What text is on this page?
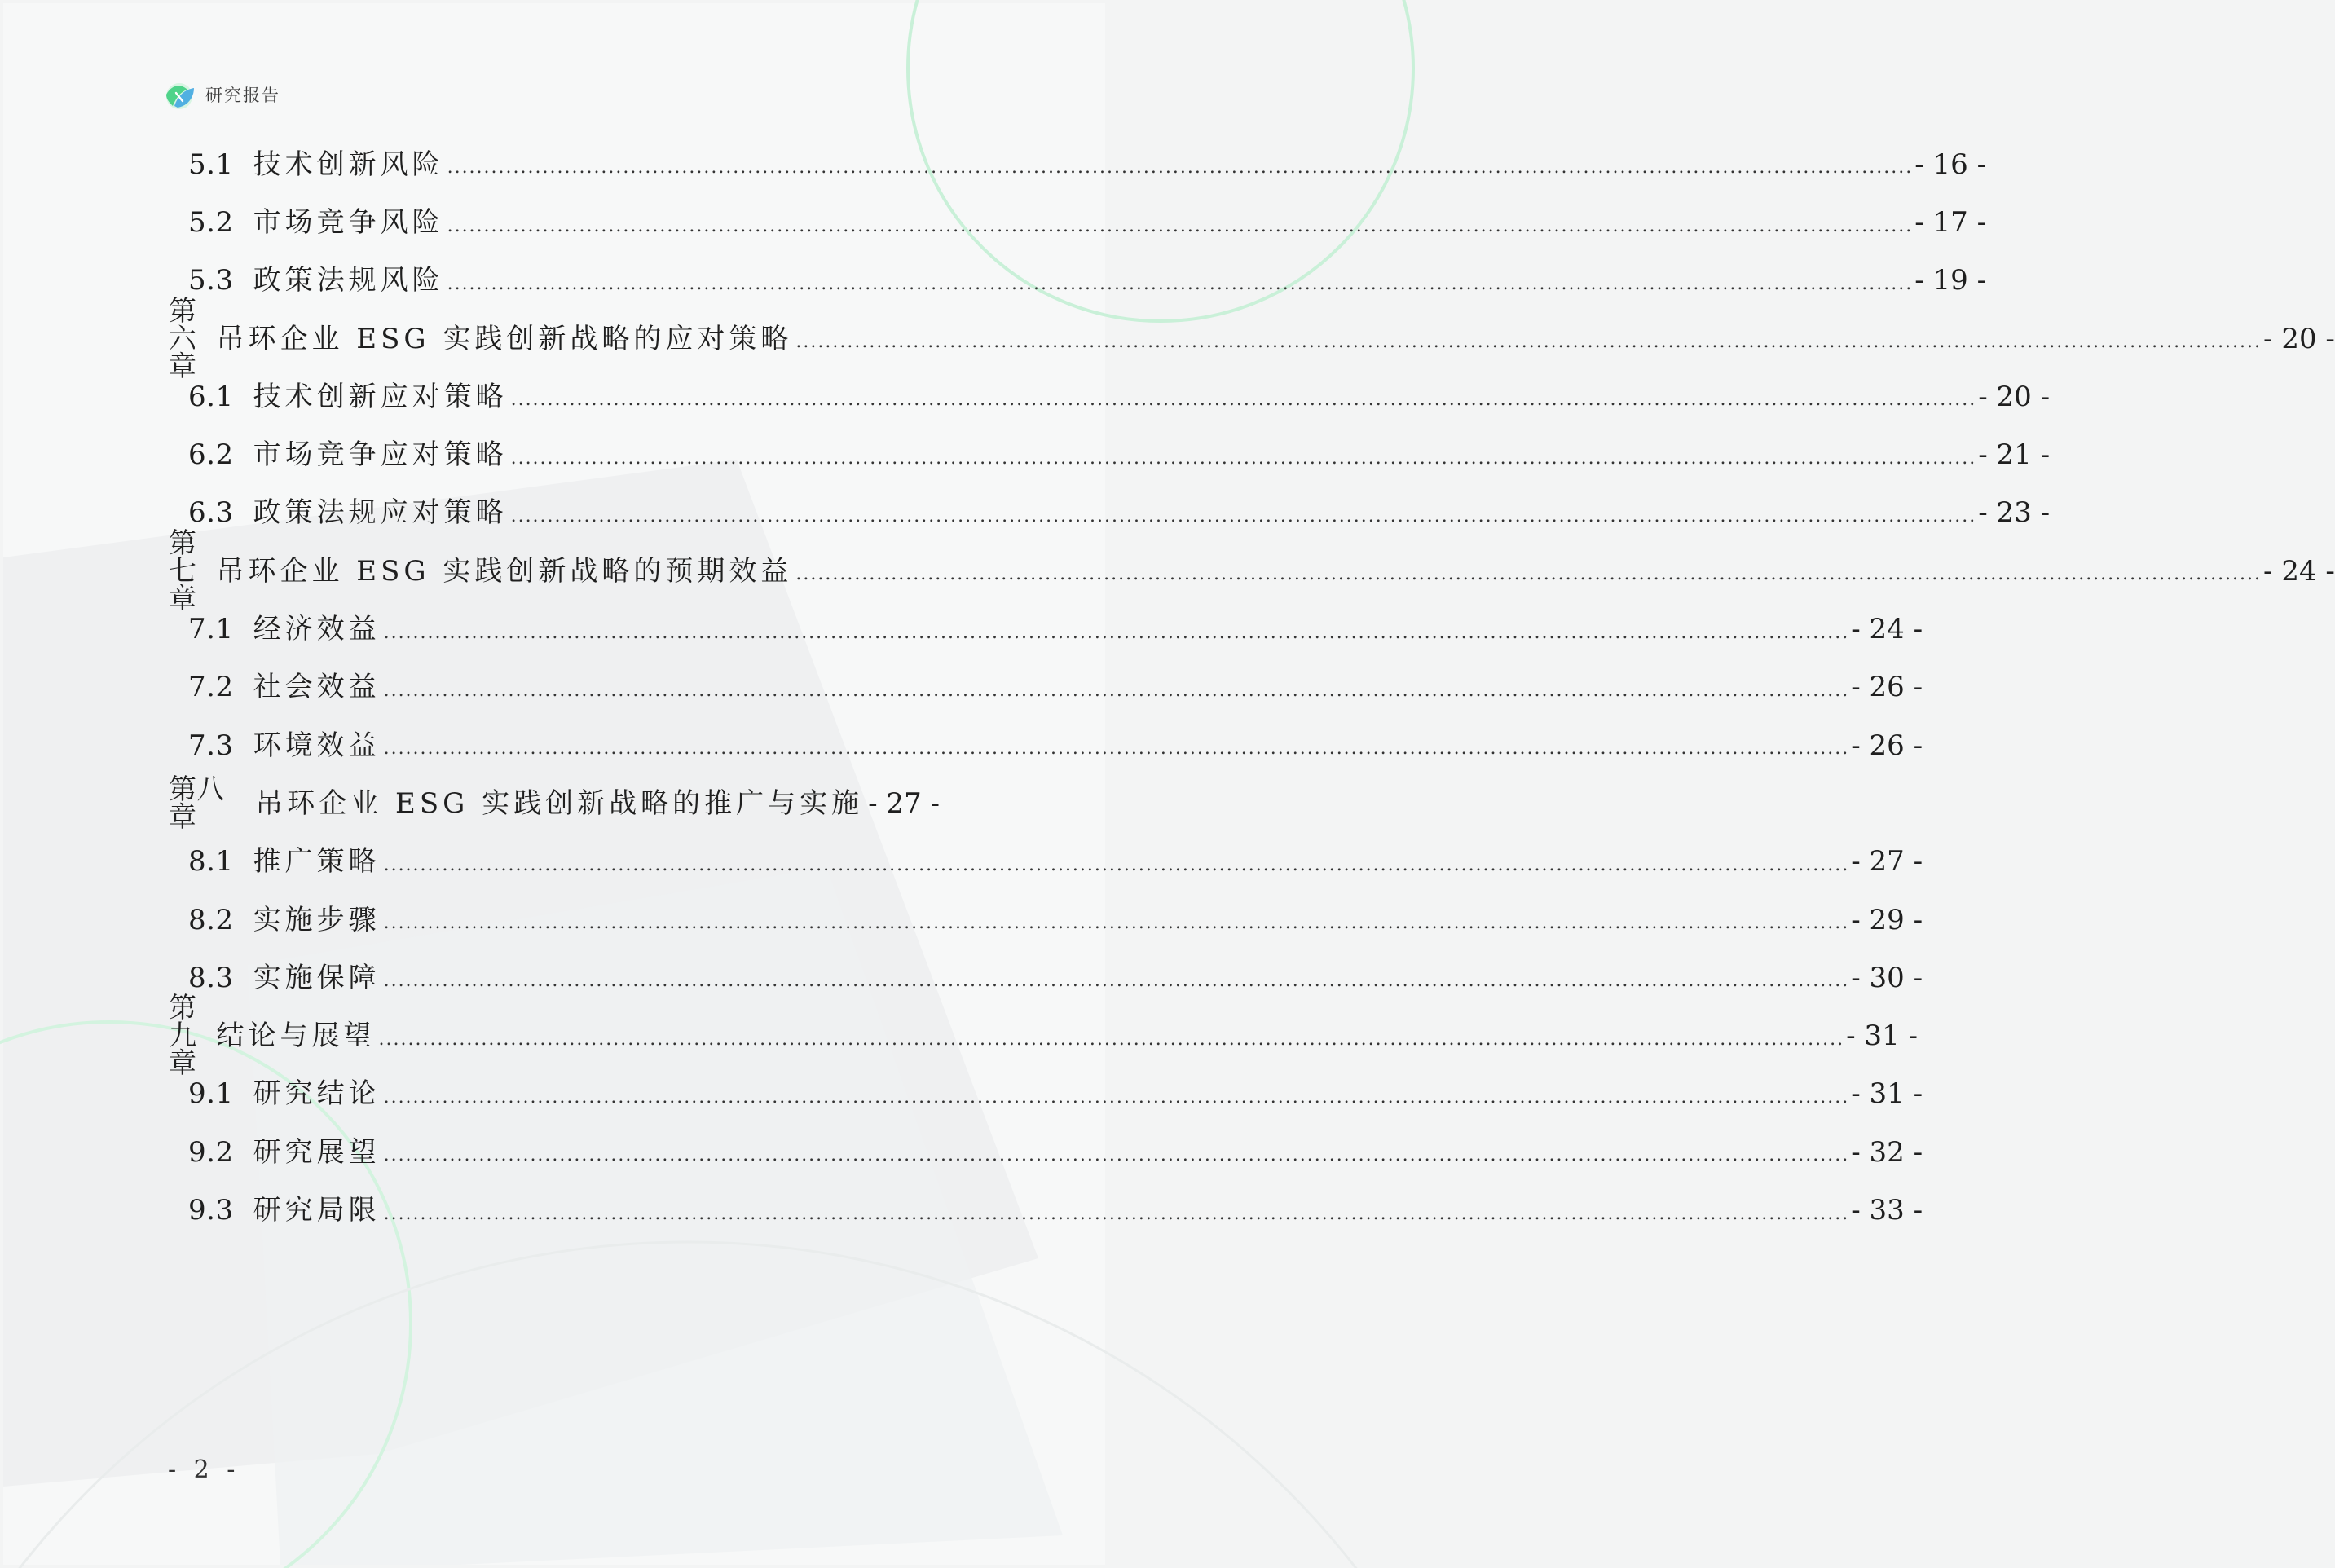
研究报告
5.1 技术创新风险 ........................................................................................................................................................................................................ - 16 -
5.2 市场竞争风险 ........................................................................................................................................................................................................ - 17 -
5.3 政策法规风险 ........................................................................................................................................................................................................ - 19 -
第六章
吊环企业 ESG 实践创新战略的应对策略 ........................................................................................................................................................................................................ - 20 -
6.1 技术创新应对策略 ........................................................................................................................................................................................................ - 20 -
6.2 市场竞争应对策略 ........................................................................................................................................................................................................ - 21 -
6.3 政策法规应对策略 ........................................................................................................................................................................................................ - 23 -
第七章
吊环企业 ESG 实践创新战略的预期效益 ........................................................................................................................................................................................................ - 24 -
7.1 经济效益 ........................................................................................................................................................................................................ - 24 -
7.2 社会效益 ........................................................................................................................................................................................................ - 26 -
7.3 环境效益 ........................................................................................................................................................................................................ - 26 -
第八章	吊环企业 ESG 实践创新战略的推广与实施 - 27 -
8.1 推广策略 ........................................................................................................................................................................................................ - 27 -
8.2 实施步骤 ........................................................................................................................................................................................................ - 29 -
8.3 实施保障 ........................................................................................................................................................................................................ - 30 -
第九章
结论与展望 ........................................................................................................................................................................................................ - 31 -
9.1 研究结论 ........................................................................................................................................................................................................ - 31 -
9.2 研究展望 ........................................................................................................................................................................................................ - 32 -
9.3 研究局限 ........................................................................................................................................................................................................ - 33 -
- 2 -
